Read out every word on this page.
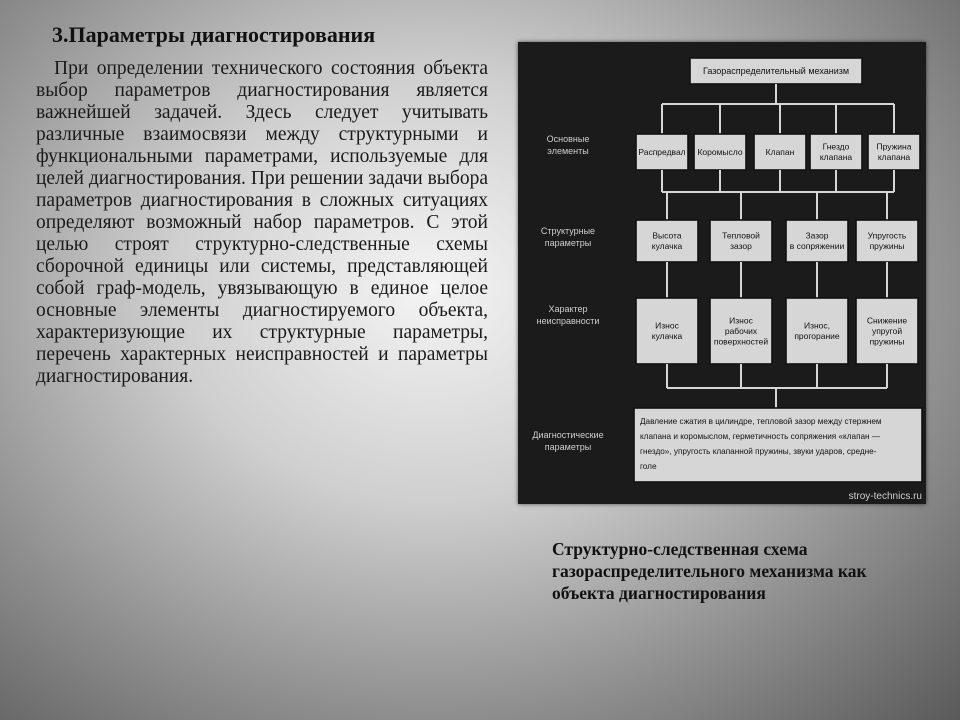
3.Параметры диагностирования

При определении технического состояния объекта выбор параметров диагностирования является важнейшей задачей. Здесь следует учитывать различные взаимосвязи между структурными и функциональными параметрами, используемые для целей диагностирования. При решении задачи выбора параметров диагностирования в сложных ситуациях определяют возможный набор параметров. С этой целью строят структурно-следственные схемы сборочной единицы или системы, представляющей собой граф-модель, увязывающую в единое целое основные элементы диагностируемого объекта, характеризующие их структурные параметры, перечень характерных неисправностей и параметры диагностирования.

Газораспределительный механизм
Основные
элементы
Структурные
параметры
Характер
неисправности
Диагностические
параметры
Распредвал Коромысло	Клапан
Гнездо
клапана
Пружина
клапана
Высота
кулачка
Тепловой
зазор
Зазор
в сопряжении
Упругость
пружины
Износ
кулачка
Износ
рабочих
поверхностей
Износ,
прогорание
Снижение
упругой
пружины
Давление сжатия в цилиндре, тепловой зазор между стержнем
клапана и коромыслом, герметичность сопряжения «клапан —
гнездо», упругость клапанной пружины, звуки ударов, средне-
голе
stroy-technics.ru

Структурно-следственная схема газораспределительного механизма как объекта диагностирования
